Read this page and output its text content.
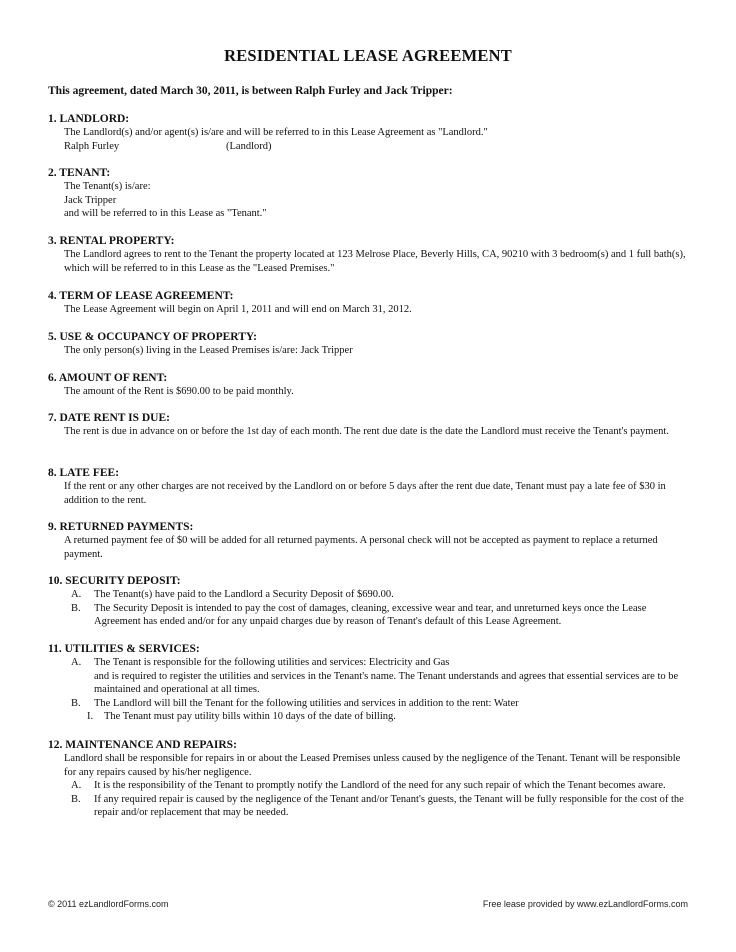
RESIDENTIAL LEASE AGREEMENT
This agreement, dated March 30, 2011, is between Ralph Furley and Jack Tripper:
1. LANDLORD:
The Landlord(s) and/or agent(s) is/are and will be referred to in this Lease Agreement as "Landlord."
Ralph Furley	(Landlord)
2. TENANT:
The Tenant(s) is/are:
Jack Tripper
and will be referred to in this Lease as "Tenant."
3. RENTAL PROPERTY:
The Landlord agrees to rent to the Tenant the property located at 123 Melrose Place, Beverly Hills, CA, 90210 with 3 bedroom(s) and 1 full bath(s), which will be referred to in this Lease as the "Leased Premises."
4. TERM OF LEASE AGREEMENT:
The Lease Agreement will begin on April 1, 2011 and will end on March 31, 2012.
5. USE & OCCUPANCY OF PROPERTY:
The only person(s) living in the Leased Premises is/are: Jack Tripper
6. AMOUNT OF RENT:
The amount of the Rent is $690.00 to be paid monthly.
7. DATE RENT IS DUE:
The rent is due in advance on or before the 1st day of each month. The rent due date is the date the Landlord must receive the Tenant's payment.
8. LATE FEE:
If the rent or any other charges are not received by the Landlord on or before 5 days after the rent due date, Tenant must pay a late fee of $30 in addition to the rent.
9. RETURNED PAYMENTS:
A returned payment fee of $0 will be added for all returned payments. A personal check will not be accepted as payment to replace a returned payment.
10. SECURITY DEPOSIT:
A.	The Tenant(s) have paid to the Landlord a Security Deposit of $690.00.
B.	The Security Deposit is intended to pay the cost of damages, cleaning, excessive wear and tear, and unreturned keys once the Lease Agreement has ended and/or for any unpaid charges due by reason of Tenant's default of this Lease Agreement.
11. UTILITIES & SERVICES:
A.	The Tenant is responsible for the following utilities and services: Electricity and Gas
and is required to register the utilities and services in the Tenant's name. The Tenant understands and agrees that essential services are to be maintained and operational at all times.
B.	The Landlord will bill the Tenant for the following utilities and services in addition to the rent: Water
I.	The Tenant must pay utility bills within 10 days of the date of billing.
12. MAINTENANCE AND REPAIRS:
Landlord shall be responsible for repairs in or about the Leased Premises unless caused by the negligence of the Tenant. Tenant will be responsible for any repairs caused by his/her negligence.
A.	It is the responsibility of the Tenant to promptly notify the Landlord of the need for any such repair of which the Tenant becomes aware.
B.	If any required repair is caused by the negligence of the Tenant and/or Tenant's guests, the Tenant will be fully responsible for the cost of the repair and/or replacement that may be needed.
© 2011 ezLandlordForms.com	Free lease provided by www.ezLandlordForms.com
